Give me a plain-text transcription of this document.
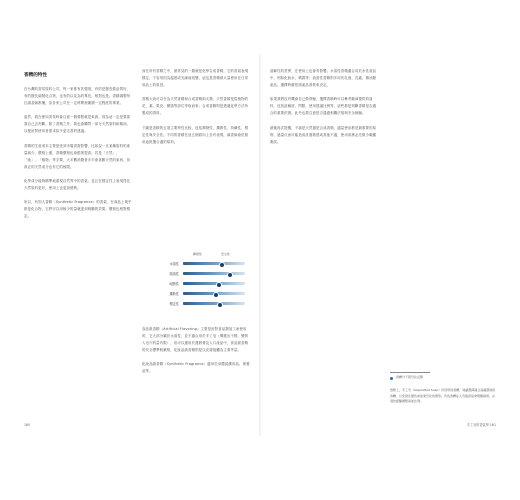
香精的特性

在台灣的香氛原料公司，每一家都有其強項，有的是擅長做品質好、有的擅長調製化合物，也有的以花為的專長，相對也是。香精調製每位調香師都懂，但各家公司在一定時間裡累積一定程度的專業。

當然，我在使用香氛時會注意一個要點就是來源，因為這一定是要靠我自己去判斷。除了香精之外，我也會購買一部分天然原料和精油，以便針對使用者需求給予更完善的建議。

香精的生產成本主要是受到市場供需影響，比如說一旦某種原料的產量減少、價格上漲，香精價格也會跟著提高。若是「天然」、「純」、「植物」等字樣，大多數消費者多半會喜歡天然的東西，但真正的天然成分也有它的極限。

化學成分能夠精準地重現自然界中的香氣，並且在穩定性上表現得比天然原料更好，使用上也更加便利。

所以，有別人香精（Synthetic Fragrance）的香氣，在商品上幾乎都是化合物，它們可以用極少的量就達到明顯的效果，價格也相對穩定。

而在所有香精之中，最常見的一類就是化學合成香精，它的香氣表現穩定，不容易因為溫度或光線而改變，這也是香精被大量使用在日常用品上的原因。

香精大致可以分為天然香精和合成香精兩大類，天然香精是從植物的花、葉、果皮、樹脂等部位萃取而來；合成香精則是透過化學方法所製成的香料。

下圖是香精的五項主要特性比較，包括揮發性、擴散性、持續性、穩定性與安全性。不同的香精在這五個面向上各有表現，調香師會依照用途挑選合適的原料。

食品級香精（Artificial Flavoring）主要是針對食品類加工而使用的，它大部分屬於水溶性，並不適合用於手工皂（傳遞出不穩、變質入皂片的量有限），但可以運用於護唇膏及入口產品中，食品級香精的安全標準較嚴格，化妝品級香精則是以皮膚接觸為主要考量。

化妝品級香精（Synthetic Fragrance）適用於身體清潔用品、保養品等。

揮發性	安全性
水溶性
脂溶性
耐熱性
擴散性
穩定性
160

溶解性的差異，在使用上也會有影響。水溶性香精適合用於水性產品中，例如化妝水、噴霧等；油溶性香精則多用於乳液、乳霜、精油類產品。選擇時應依照產品基質來決定。

如果我們沒有機會自己做實驗，選擇香精時可以參考廠商提供的資料，包括溶解度、閃點、使用建議比例等，這些都是判斷香精是否適合的重要依據。此外也要注意是否通過相關法規與安全檢驗。

最後再次提醒，不論是天然還是合成香精，適量使用都是最重要的原則，過量反而可能造成皮膚敏感或其他不適，使用前務必先做小範圍測試。

香精分子與皂化反應
實際上，手工皂（Saponified Soap）所使用的香精，建議選擇適合高鹼環境的香精，以免發生變色或加速皂化的情形。有些香精在入皂後香氣會明顯減弱，必須依經驗調整添加比例。
手工皂的香氣學 161
